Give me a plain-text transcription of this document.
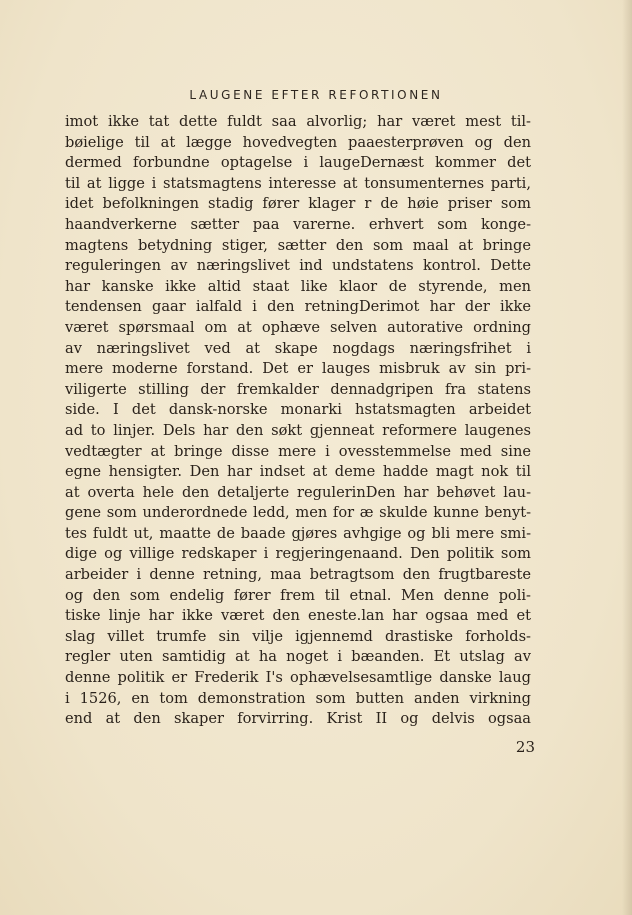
LAUGENE EFTER REFORTIONEN
imot ikke tat dette fuldt saa alvorlig; har været mest til-
bøielige til at lægge hovedvegten paaesterprøven og den
dermed forbundne optagelse i laugeDernæst kommer det
til at ligge i statsmagtens interesse at tonsumenternes parti,
idet befolkningen stadig fører klager r de høie priser som
haandverkerne sætter paa varerne. erhvert som konge-
magtens betydning stiger, sætter den som maal at bringe
reguleringen av næringslivet ind undstatens kontrol. Dette
har kanske ikke altid staat like klaor de styrende, men
tendensen gaar ialfald i den retningDerimot har der ikke
været spørsmaal om at ophæve selven autorative ordning
av næringslivet ved at skape nogdags næringsfrihet i
mere moderne forstand. Det er lauges misbruk av sin pri-
viligerte stilling der fremkalder dennadgripen fra statens
side. I det dansk-norske monarki hstatsmagten arbeidet
ad to linjer. Dels har den søkt gjenneat reformere laugenes
vedtægter at bringe disse mere i ovesstemmelse med sine
egne hensigter. Den har indset at deme hadde magt nok til
at overta hele den detaljerte regulerinDen har behøvet lau-
gene som underordnede ledd, men for æ skulde kunne benyt-
tes fuldt ut, maatte de baade gjøres avhgige og bli mere smi-
dige og villige redskaper i regjeringenaand. Den politik som
arbeider i denne retning, maa betragtsom den frugtbareste
og den som endelig fører frem til etnal. Men denne poli-
tiske linje har ikke været den eneste.lan har ogsaa med et
slag villet trumfe sin vilje igjennemd drastiske forholds-
regler uten samtidig at ha noget i bæanden. Et utslag av
denne politik er Frederik I's ophævelsesamtlige danske laug
i 1526, en tom demonstration som butten anden virkning
end at den skaper forvirring. Krist II og delvis ogsaa
23
